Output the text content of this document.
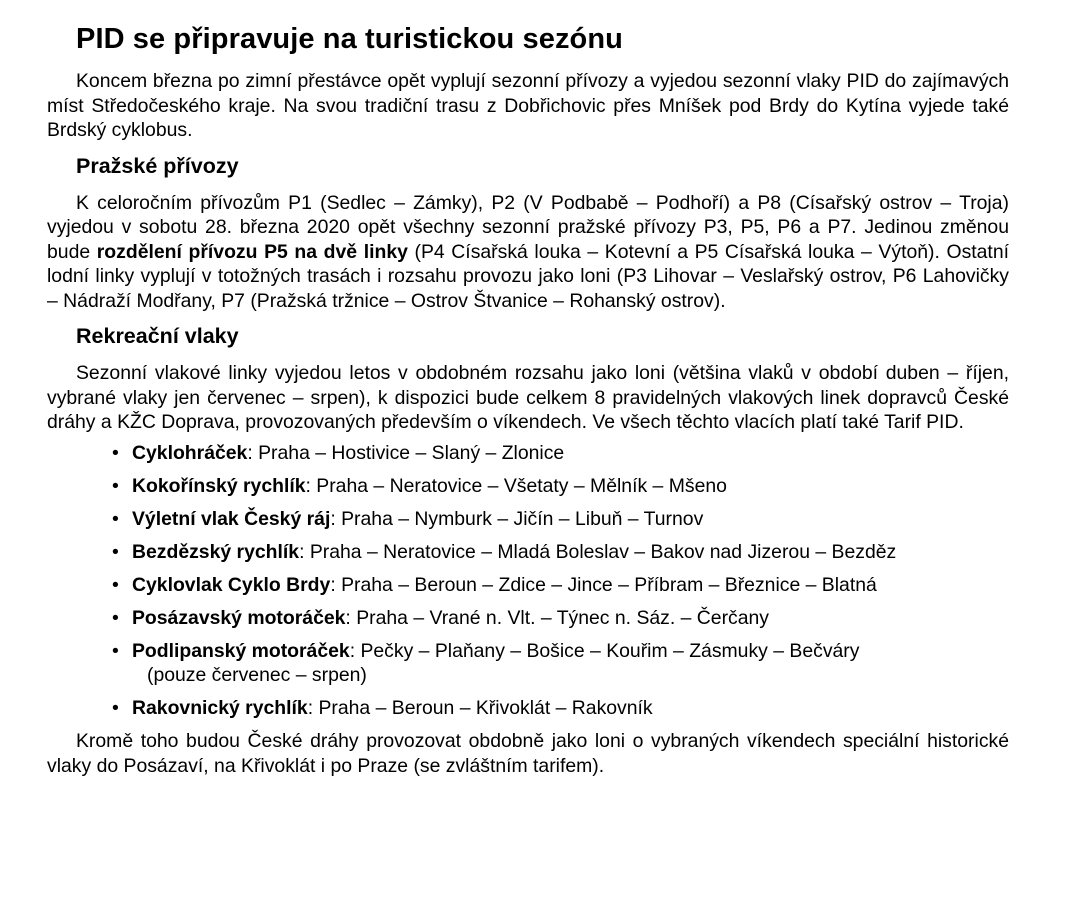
PID se připravuje na turistickou sezónu

Koncem března po zimní přestávce opět vyplují sezonní přívozy a vyjedou sezonní vlaky PID do zajímavých míst Středočeského kraje. Na svou tradiční trasu z Dobřichovic přes Mníšek pod Brdy do Kytína vyjede také Brdský cyklobus.

Pražské přívozy

K celoročním přívozům P1 (Sedlec – Zámky), P2 (V Podbabě – Podhoří) a P8 (Císařský ostrov – Troja) vyjedou v sobotu 28. března 2020 opět všechny sezonní pražské přívozy P3, P5, P6 a P7. Jedinou změnou bude rozdělení přívozu P5 na dvě linky (P4 Císařská louka – Kotevní a P5 Císařská louka – Výtoň). Ostatní lodní linky vyplují v totožných trasách i rozsahu provozu jako loni (P3 Lihovar – Veslařský ostrov, P6 Lahovičky – Nádraží Modřany, P7 (Pražská tržnice – Ostrov Štvanice – Rohanský ostrov).

Rekreační vlaky

Sezonní vlakové linky vyjedou letos v obdobném rozsahu jako loni (většina vlaků v období duben – říjen, vybrané vlaky jen červenec – srpen), k dispozici bude celkem 8 pravidelných vlakových linek dopravců České dráhy a KŽC Doprava, provozovaných především o víkendech. Ve všech těchto vlacích platí také Tarif PID.

• Cyklohráček: Praha – Hostivice – Slaný – Zlonice
• Kokořínský rychlík: Praha – Neratovice – Všetaty – Mělník – Mšeno
• Výletní vlak Český ráj: Praha – Nymburk – Jičín – Libuň – Turnov
• Bezdězský rychlík: Praha – Neratovice – Mladá Boleslav – Bakov nad Jizerou – Bezděz
• Cyklovlak Cyklo Brdy: Praha – Beroun – Zdice – Jince – Příbram – Březnice – Blatná
• Posázavský motoráček: Praha – Vrané n. Vlt. – Týnec n. Sáz. – Čerčany
• Podlipanský motoráček: Pečky – Plaňany – Bošice – Kouřim – Zásmuky – Bečváry
(pouze červenec – srpen)
• Rakovnický rychlík: Praha – Beroun – Křivoklát – Rakovník

Kromě toho budou České dráhy provozovat obdobně jako loni o vybraných víkendech speciální historické vlaky do Posázaví, na Křivoklát i po Praze (se zvláštním tarifem).
